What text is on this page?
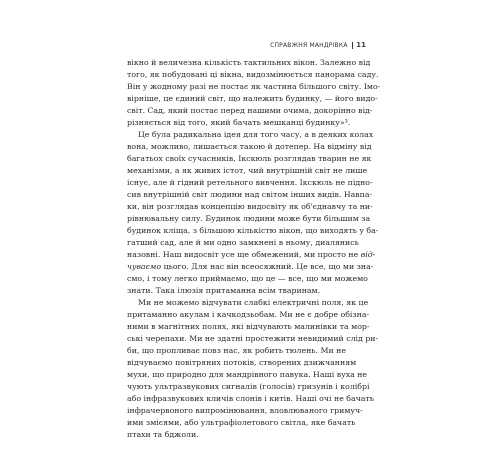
СПРАВЖНЯ МАНДРІВКА 11
вікно й величезна кількість тактильних вікон. Залежно від
того, як побудовані ці вікна, видозмінюється панорама саду.
Він у жодному разі не постає як частина більшого світу. Імо-
вірніше, це єдиний світ, що належить будинку, — його видо-
світ. Сад, який постає перед нашими очима, докорінно від-
різняється від того, який бачать мешканці будинку»³.
Це була радикальна ідея для того часу, а в деяких колах
вона, можливо, лишається такою й дотепер. На відміну від
багатьох своїх сучасників, Ікскюль розглядав тварин не як
механізми, а як живих істот, чий внутрішній світ не лише
існує, але й гідний ретельного вивчення. Ікскюль не підно-
сив внутрішній світ людини над світом інших видів. Навпа-
ки, він розглядав концепцію видосвіту як об'єднавчу та ни-
рівнювальну силу. Будинок людини може бути більшим за
будинок кліща, з більшою кількістю вікон, що виходять у ба-
гатший сад, але й ми одно замкнені в ньому, диалянись
назовні. Наш видосвіт усе ще обмежений, ми просто не від-
чуваємо цього. Для нас він всеосяжний. Це все, що ми зна-
смо, і тому легко приймаємо, що це — все, що ми можемо
знати. Така ілюзія притаманна всім тваринам.
Ми не можемо відчувати слабкі електричні поля, як це
притаманно акулам і качкодзьобам. Ми не є добре обізна-
ними в магнітних полях, які відчувають малинівки та мор-
ські черепахи. Ми не здатні простежити невидимий слід ри-
би, що пропливає повз нас, як робить тюлень. Ми не
відчуваємо повітряних потоків, створених дзижчанням
мухи, що природно для мандрівного павука. Наші вуха не
чують ультразвукових сигналів (голосів) гризунів і колібрі
або інфразвукових кличів слонів і китів. Наші очі не бачать
інфрачервоного випромінювання, вловлюваного гримуч-
ими змієями, або ультрафіолетового світла, яке бачать
птахи та бджоли.
